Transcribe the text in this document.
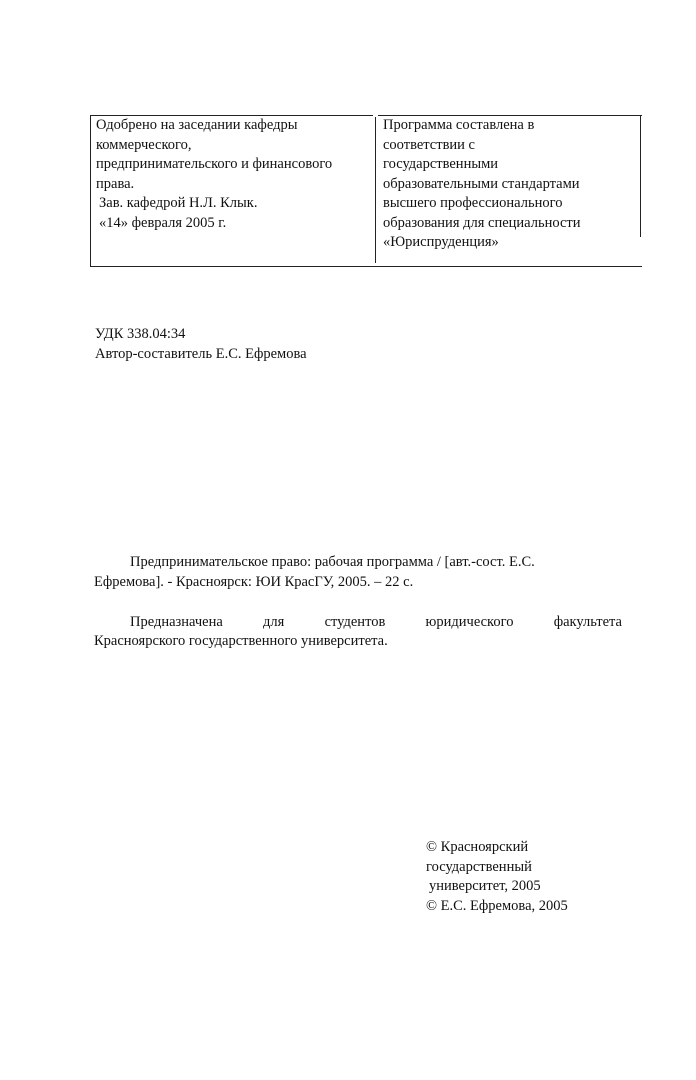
Одобрено на заседании кафедры

коммерческого,

предпринимательского и финансового

права.

Зав. кафедрой Н.Л. Клык.

«14» февраля 2005 г.

Программа составлена в

соответствии с

государственными

образовательными стандартами

высшего профессионального

образования для специальности

«Юриспруденция»

УДК 338.04:34

Автор-составитель Е.С. Ефремова

Предпринимательское право: рабочая программа / [авт.-сост. Е.С.

Ефремова]. - Красноярск: ЮИ КрасГУ, 2005. – 22 с.

Предназначена для студентов юридического факультета

Красноярского государственного университета.

© Красноярский

государственный

университет, 2005

© Е.С. Ефремова, 2005
